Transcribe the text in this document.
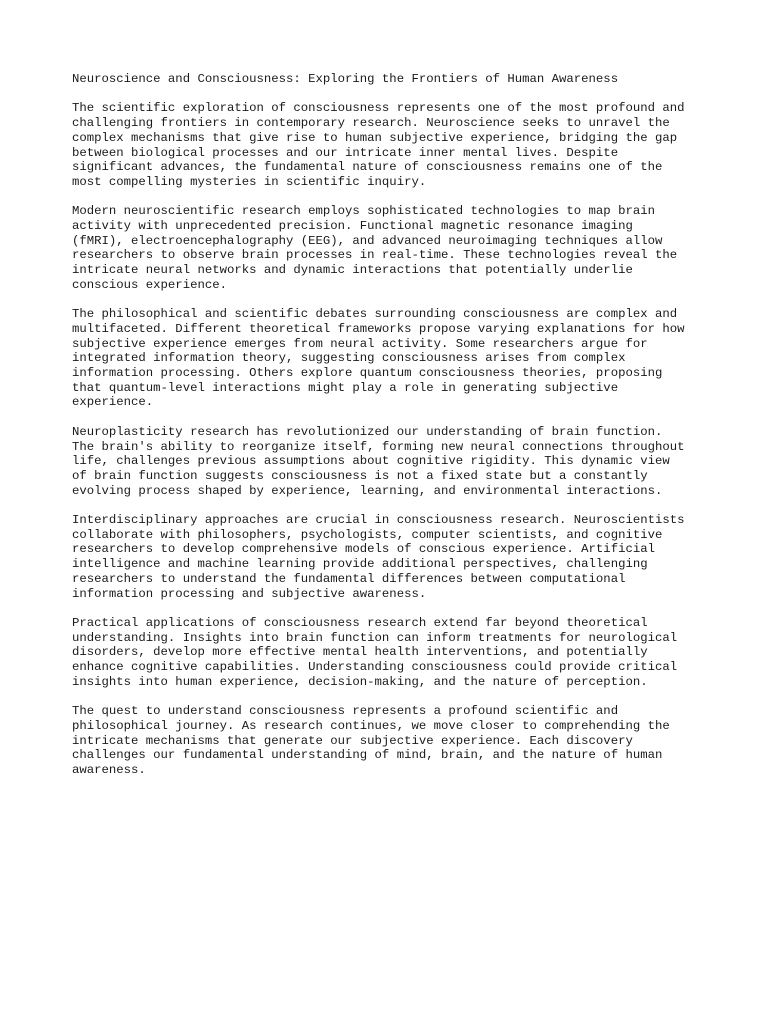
Neuroscience and Consciousness: Exploring the Frontiers of Human Awareness

The scientific exploration of consciousness represents one of the most profound and
challenging frontiers in contemporary research. Neuroscience seeks to unravel the
complex mechanisms that give rise to human subjective experience, bridging the gap
between biological processes and our intricate inner mental lives. Despite
significant advances, the fundamental nature of consciousness remains one of the
most compelling mysteries in scientific inquiry.

Modern neuroscientific research employs sophisticated technologies to map brain
activity with unprecedented precision. Functional magnetic resonance imaging
(fMRI), electroencephalography (EEG), and advanced neuroimaging techniques allow
researchers to observe brain processes in real-time. These technologies reveal the
intricate neural networks and dynamic interactions that potentially underlie
conscious experience.

The philosophical and scientific debates surrounding consciousness are complex and
multifaceted. Different theoretical frameworks propose varying explanations for how
subjective experience emerges from neural activity. Some researchers argue for
integrated information theory, suggesting consciousness arises from complex
information processing. Others explore quantum consciousness theories, proposing
that quantum-level interactions might play a role in generating subjective
experience.

Neuroplasticity research has revolutionized our understanding of brain function.
The brain's ability to reorganize itself, forming new neural connections throughout
life, challenges previous assumptions about cognitive rigidity. This dynamic view
of brain function suggests consciousness is not a fixed state but a constantly
evolving process shaped by experience, learning, and environmental interactions.

Interdisciplinary approaches are crucial in consciousness research. Neuroscientists
collaborate with philosophers, psychologists, computer scientists, and cognitive
researchers to develop comprehensive models of conscious experience. Artificial
intelligence and machine learning provide additional perspectives, challenging
researchers to understand the fundamental differences between computational
information processing and subjective awareness.

Practical applications of consciousness research extend far beyond theoretical
understanding. Insights into brain function can inform treatments for neurological
disorders, develop more effective mental health interventions, and potentially
enhance cognitive capabilities. Understanding consciousness could provide critical
insights into human experience, decision-making, and the nature of perception.

The quest to understand consciousness represents a profound scientific and
philosophical journey. As research continues, we move closer to comprehending the
intricate mechanisms that generate our subjective experience. Each discovery
challenges our fundamental understanding of mind, brain, and the nature of human
awareness.
